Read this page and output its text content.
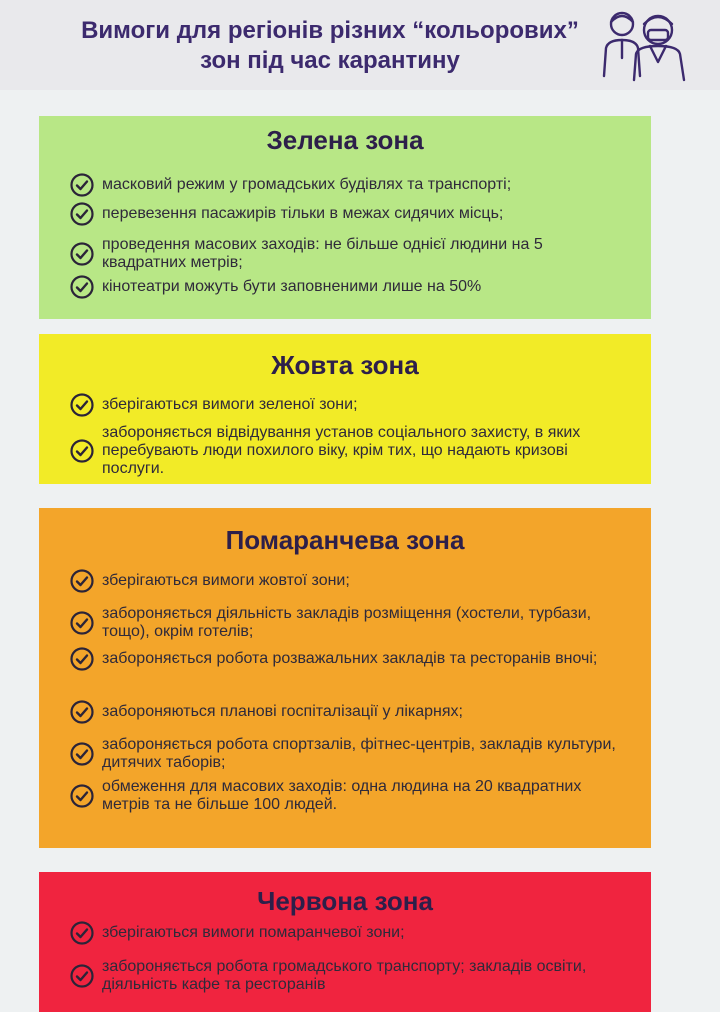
Вимоги для регіонів різних “кольорових”
зон під час карантину
Зелена зона
масковий режим у громадських будівлях та транспорті;
перевезення пасажирів тільки в межах сидячих місць;
проведення масових заходів: не більше однієї людини на 5 квадратних метрів;
кінотеатри можуть бути заповненими лише на 50%
Жовта зона
зберігаються вимоги зеленої зони;
забороняється відвідування установ соціального захисту, в яких перебувають люди похилого віку, крім тих, що надають кризові послуги.
Помаранчева зона
зберігаються вимоги жовтої зони;
забороняється діяльність закладів розміщення (хостели, турбази, тощо), окрім готелів;
забороняється робота розважальних закладів та ресторанів вночі;
забороняються планові госпіталізації у лікарнях;
забороняється робота спортзалів, фітнес-центрів, закладів культури, дитячих таборів;
обмеження для масових заходів: одна людина на 20 квадратних метрів та не більше 100 людей.
Червона зона
зберігаються вимоги помаранчевої зони;
забороняється робота громадського транспорту; закладів освіти, діяльність кафе та ресторанів
